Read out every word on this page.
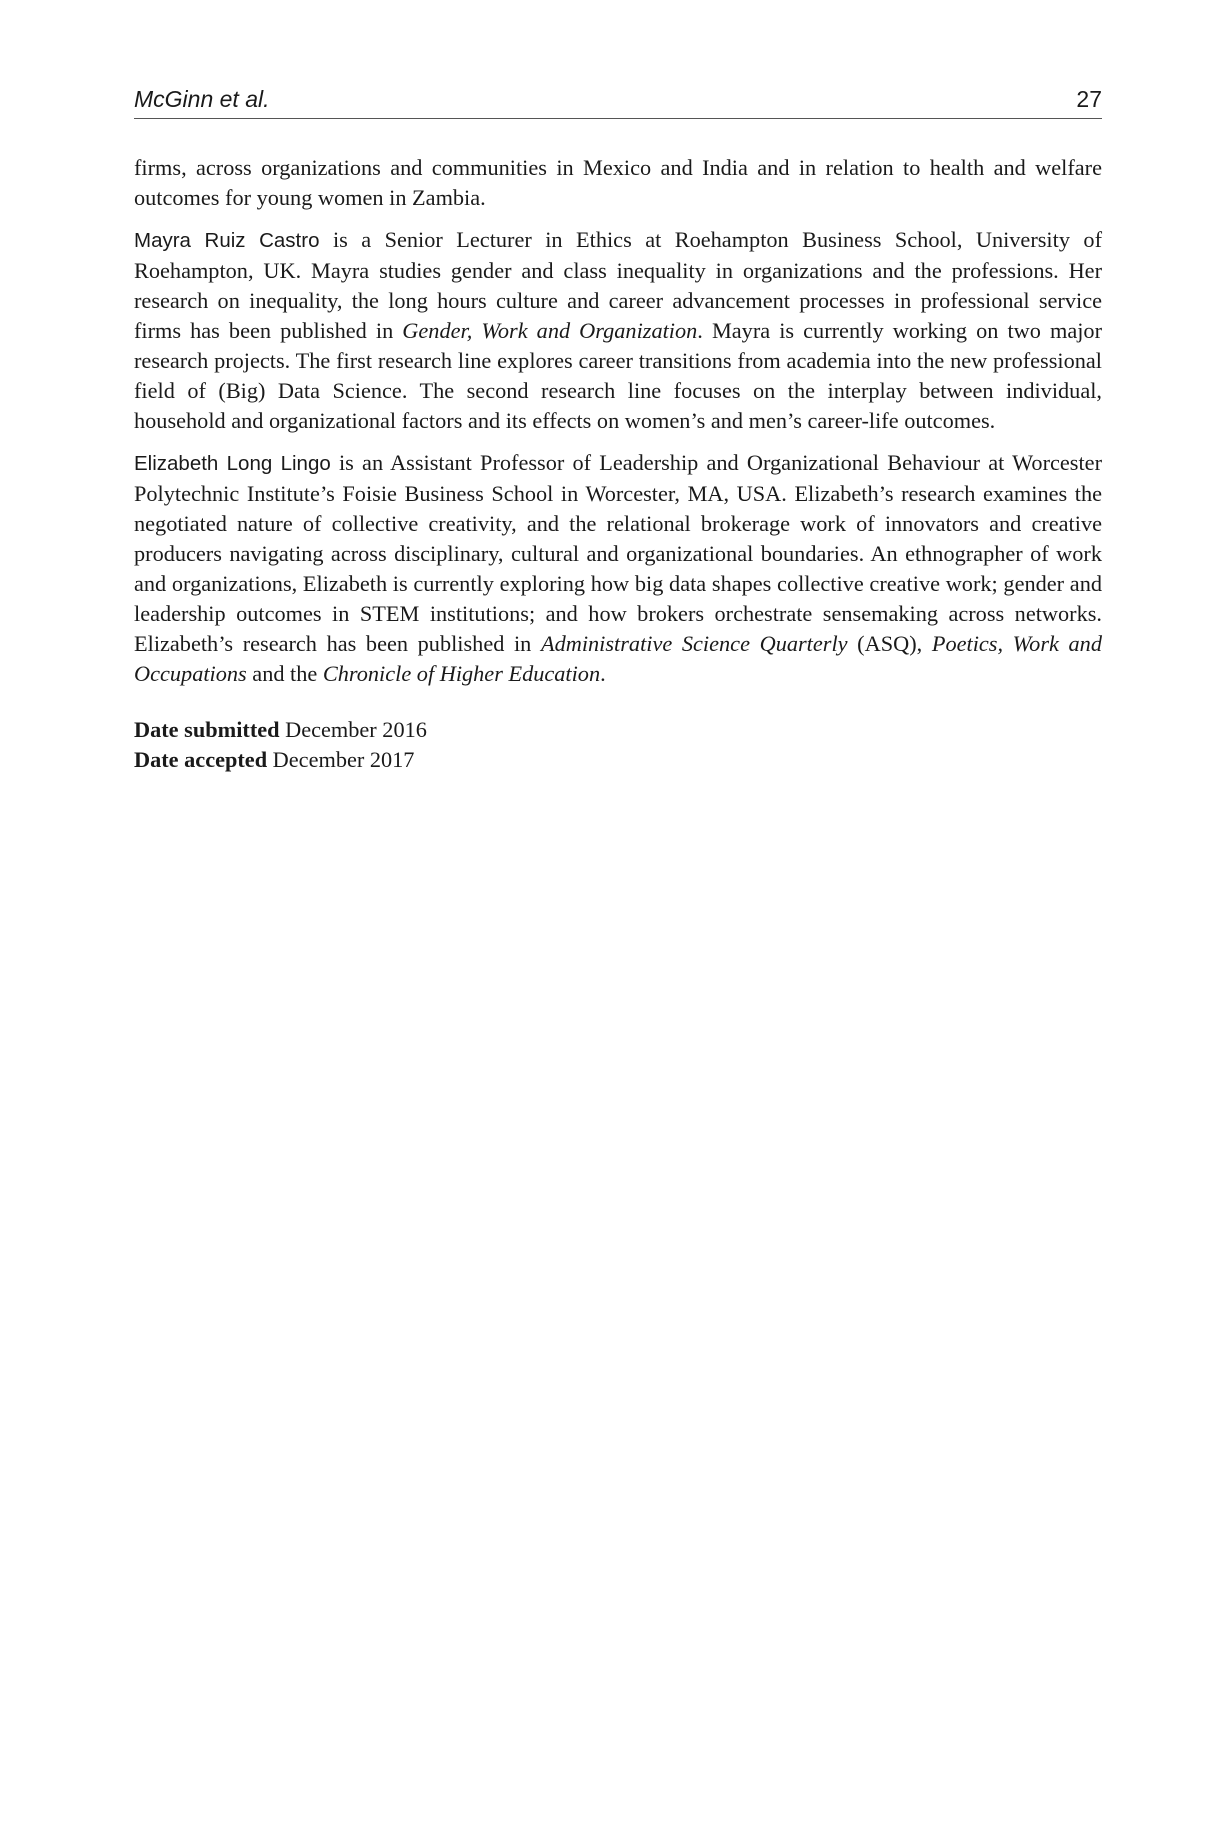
McGinn et al.	27

firms, across organizations and communities in Mexico and India and in relation to health and welfare outcomes for young women in Zambia.

Mayra Ruiz Castro is a Senior Lecturer in Ethics at Roehampton Business School, University of Roehampton, UK. Mayra studies gender and class inequality in organizations and the professions. Her research on inequality, the long hours culture and career advancement processes in professional service firms has been published in Gender, Work and Organization. Mayra is currently working on two major research projects. The first research line explores career transitions from academia into the new professional field of (Big) Data Science. The second research line focuses on the interplay between individual, household and organizational factors and its effects on women’s and men’s career-life outcomes.

Elizabeth Long Lingo is an Assistant Professor of Leadership and Organizational Behaviour at Worcester Polytechnic Institute’s Foisie Business School in Worcester, MA, USA. Elizabeth’s research examines the negotiated nature of collective creativity, and the relational brokerage work of innovators and creative producers navigating across disciplinary, cultural and organizational boundaries. An ethnographer of work and organizations, Elizabeth is currently exploring how big data shapes collective creative work; gender and leadership outcomes in STEM institutions; and how brokers orchestrate sensemaking across networks. Elizabeth’s research has been published in Administrative Science Quarterly (ASQ), Poetics, Work and Occupations and the Chronicle of Higher Education.

Date submitted December 2016
Date accepted December 2017
